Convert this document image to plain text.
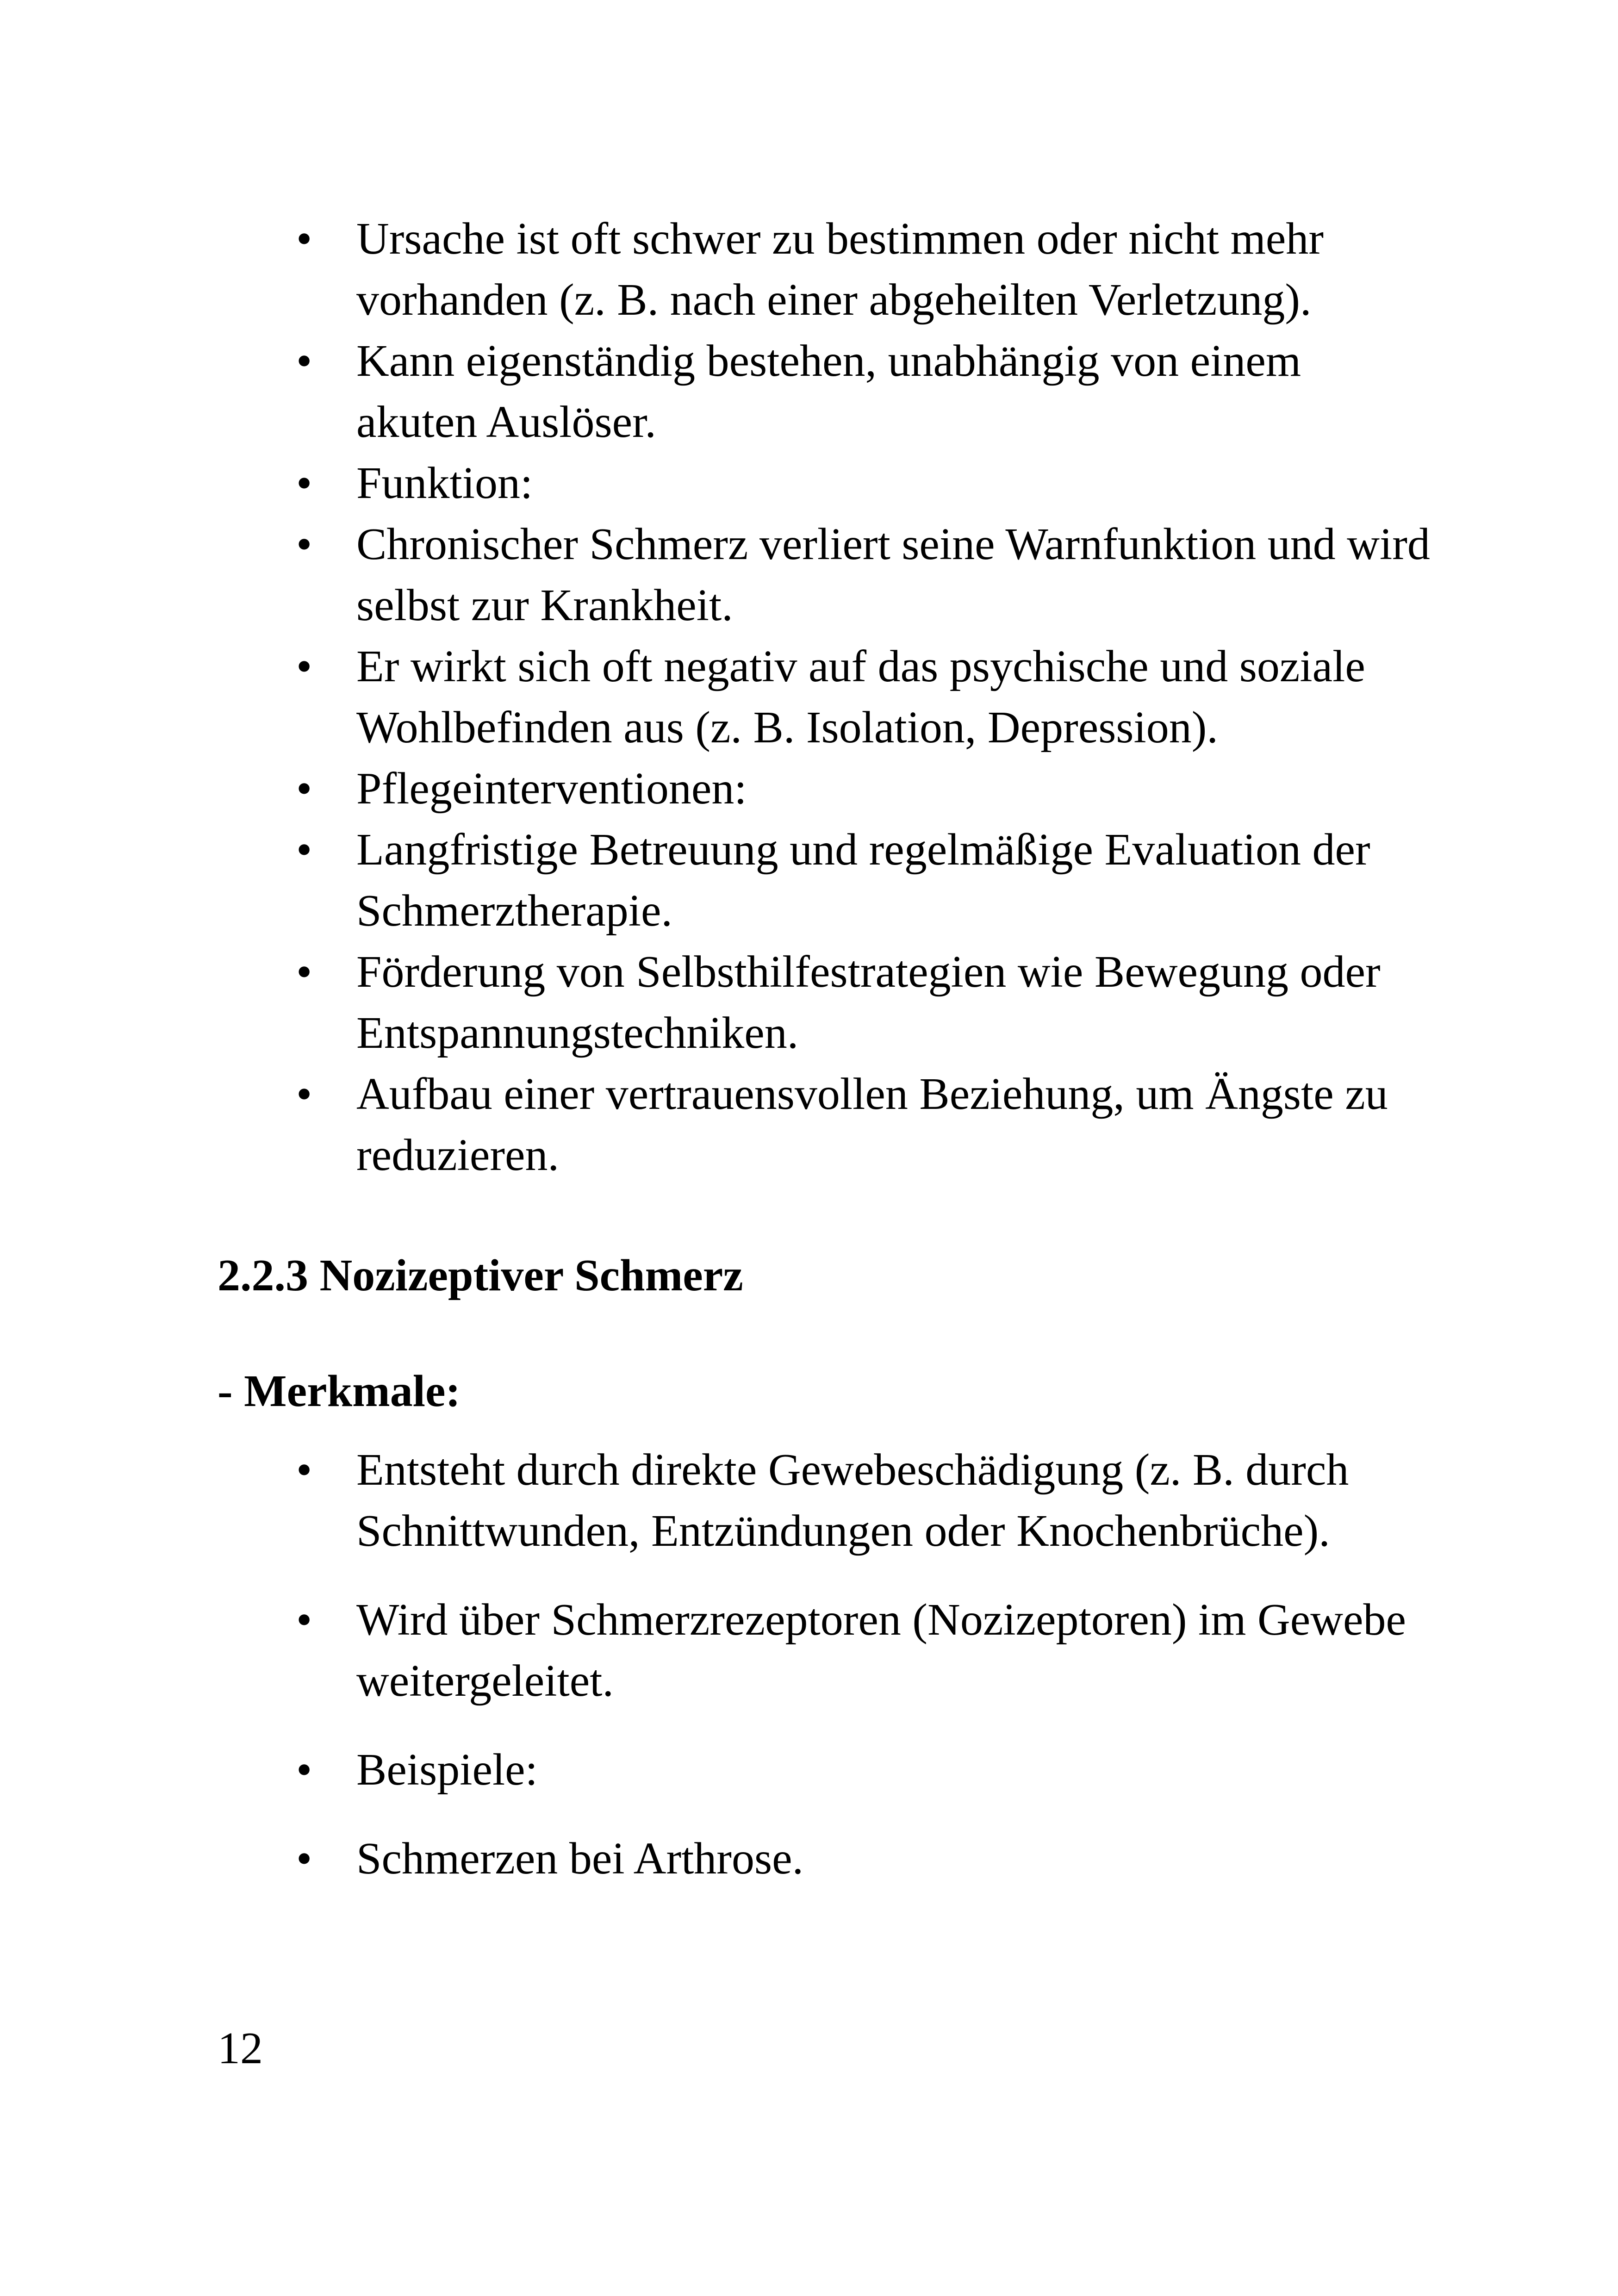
• Ursache ist oft schwer zu bestimmen oder nicht mehr vorhanden (z. B. nach einer abgeheilten Verletzung).
• Kann eigenständig bestehen, unabhängig von einem akuten Auslöser.
• Funktion:
• Chronischer Schmerz verliert seine Warnfunktion und wird selbst zur Krankheit.
• Er wirkt sich oft negativ auf das psychische und soziale Wohlbefinden aus (z. B. Isolation, Depression).
• Pflegeinterventionen:
• Langfristige Betreuung und regelmäßige Evaluation der Schmerztherapie.
• Förderung von Selbsthilfestrategien wie Bewegung oder Entspannungstechniken.
• Aufbau einer vertrauensvollen Beziehung, um Ängste zu reduzieren.
2.2.3 Nozizeptiver Schmerz
- Merkmale:
• Entsteht durch direkte Gewebeschädigung (z. B. durch Schnittwunden, Entzündungen oder Knochenbrüche).
• Wird über Schmerzrezeptoren (Nozizeptoren) im Gewebe weitergeleitet.
• Beispiele:
• Schmerzen bei Arthrose.
12
